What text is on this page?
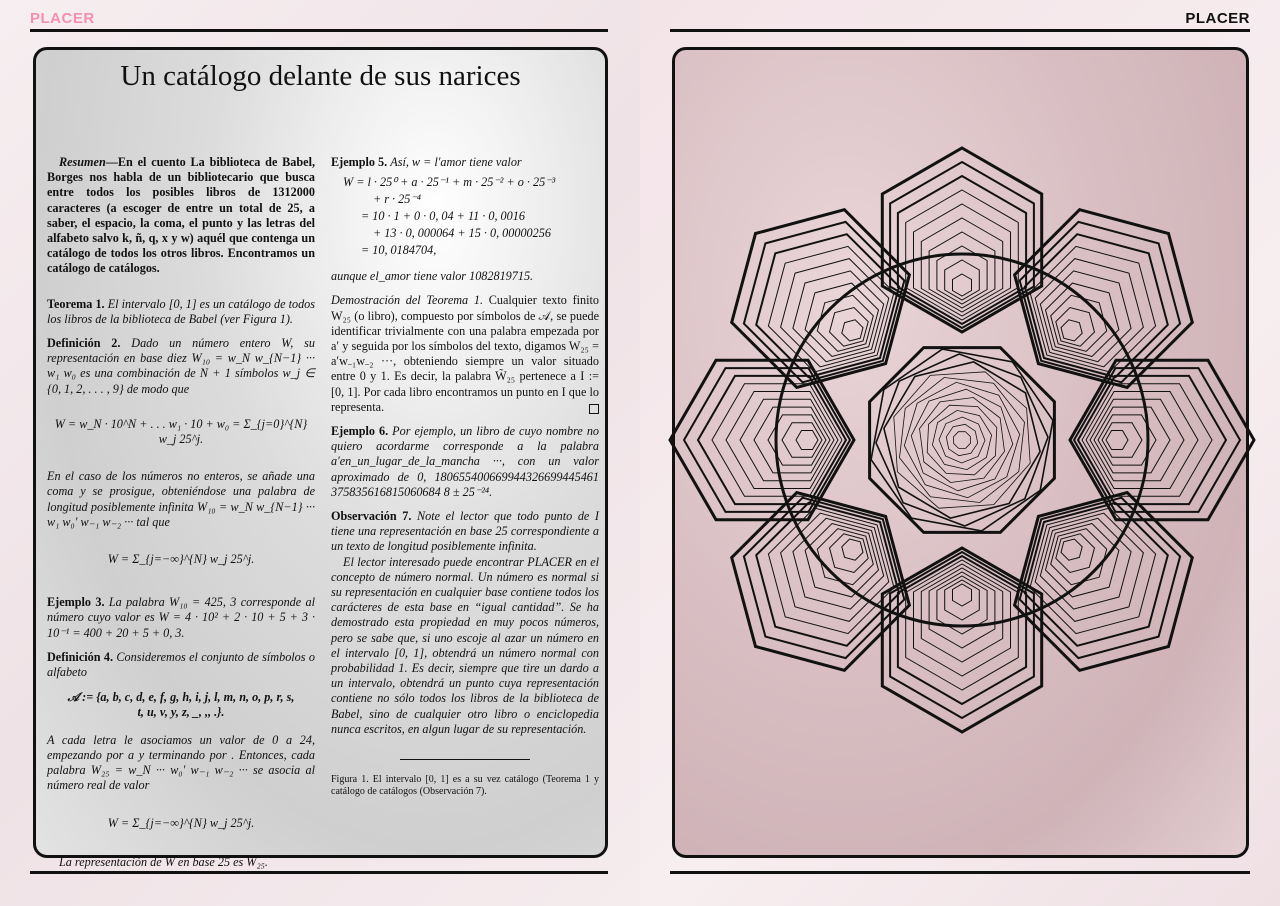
PLACER
Un catálogo delante de sus narices

Resumen—En el cuento La biblioteca de Babel, Borges nos habla de un bibliotecario que busca entre todos los posibles libros de 1312000 caracteres (a escoger de entre un total de 25, a saber, el espacio, la coma, el punto y las letras del alfabeto salvo k, ñ, q, x y w) aquél que contenga un catálogo de todos los otros libros. Encontramos un catálogo de catálogos.

Teorema 1. El intervalo [0, 1] es un catálogo de todos los libros de la biblioteca de Babel (ver Figura 1).

Definición 2. Dado un número entero W, su representación en base diez W₁₀ = w_N w_{N−1} ··· w₁ w₀ es una combinación de N + 1 símbolos w_j ∈ {0, 1, 2, . . . , 9} de modo que

W = w_N · 10^N + . . . w₁ · 10 + w₀ = Σ_{j=0}^{N} w_j 25^j.

En el caso de los números no enteros, se añade una coma y se prosigue, obteniéndose una palabra de longitud posiblemente infinita W₁₀ = w_N w_{N−1} ··· w₁ w₀′ w₋₁ w₋₂ ··· tal que

W = Σ_{j=−∞}^{N} w_j 25^j.

Ejemplo 3. La palabra W₁₀ = 425, 3 corresponde al número cuyo valor es W = 4 · 10² + 2 · 10 + 5 + 3 · 10⁻¹ = 400 + 20 + 5 + 0, 3.

Definición 4. Consideremos el conjunto de símbolos o alfabeto

𝒜 := {a, b, c, d, e, f, g, h, i, j, l, m, n, o, p, r, s, t, u, v, y, z, _, ,, .}.

A cada letra le asociamos un valor de 0 a 24, empezando por a y terminando por . Entonces, cada palabra W₂₅ = w_N ··· w₀′ w₋₁ w₋₂ ··· se asocia al número real de valor

W = Σ_{j=−∞}^{N} w_j 25^j.

La representación de W en base 25 es W₂₅.

Ejemplo 5. Así, w = l′amor tiene valor

W = l · 25⁰ + a · 25⁻¹ + m · 25⁻² + o · 25⁻³
+ r · 25⁻⁴
= 10 · 1 + 0 · 0, 04 + 11 · 0, 0016
+ 13 · 0, 000064 + 15 · 0, 00000256
= 10, 0184704,

aunque el_amor tiene valor 1082819715.

Demostración del Teorema 1. Cualquier texto finito W₂₅ (o libro), compuesto por símbolos de 𝒜, se puede identificar trivialmente con una palabra empezada por a′ y seguida por los símbolos del texto, digamos W₂₅ = a′w₋₁w₋₂ ···, obteniendo siempre un valor situado entre 0 y 1. Es decir, la palabra W̃₂₅ pertenece a I := [0, 1]. Por cada libro encontramos un punto en I que lo representa.

Ejemplo 6. Por ejemplo, un libro de cuyo nombre no quiero acordarme corresponde a la palabra a′en_un_lugar_de_la_mancha ···, con un valor aproximado de 0, 180655400669944326699445461 375835616815060684 8 ± 25⁻²⁴.

Observación 7. Note el lector que todo punto de I tiene una representación en base 25 correspondiente a un texto de longitud posiblemente infinita.

El lector interesado puede encontrar PLACER en el concepto de número normal. Un número es normal si su representación en cualquier base contiene todos los carácteres de esta base en “igual cantidad”. Se ha demostrado esta propiedad en muy pocos números, pero se sabe que, si uno escoje al azar un número en el intervalo [0, 1], obtendrá un número normal con probabilidad 1. Es decir, siempre que tire un dardo a un intervalo, obtendrá un punto cuya representación contiene no sólo todos los libros de la biblioteca de Babel, sino de cualquier otro libro o enciclopedia nunca escritos, en algun lugar de su representación.

Figura 1. El intervalo [0, 1] es a su vez catálogo (Teorema 1 y catálogo de catálogos (Observación 7).

PLACER
